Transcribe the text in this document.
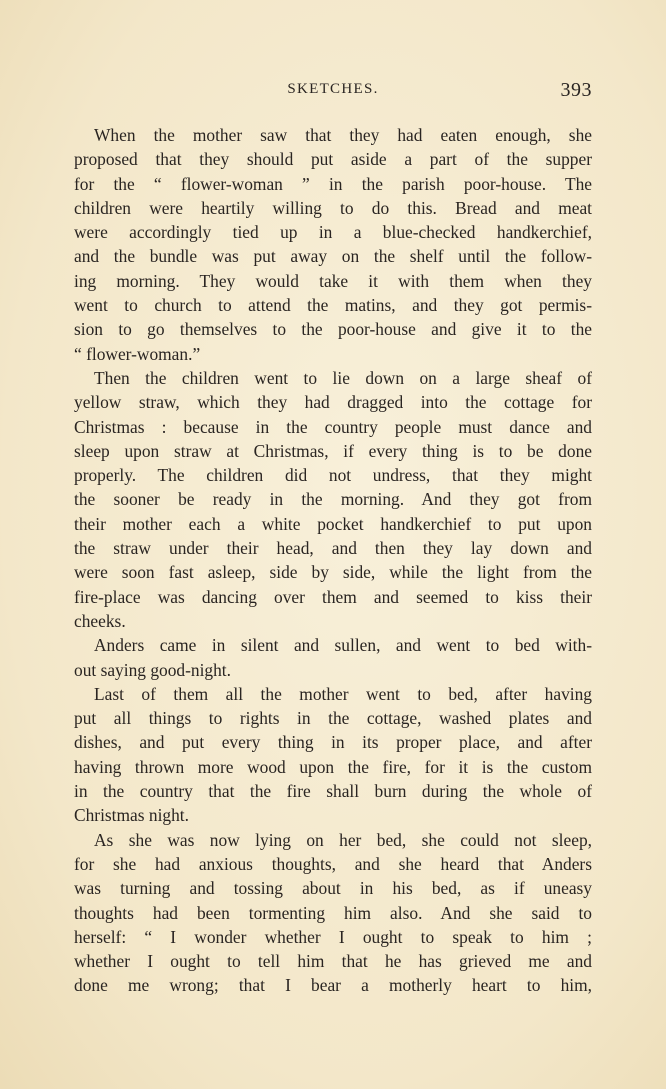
SKETCHES.	393
When the mother saw that they had eaten enough, she
proposed that they should put aside a part of the supper
for the “ flower-woman ” in the parish poor-house. The
children were heartily willing to do this. Bread and meat
were accordingly tied up in a blue-checked handkerchief,
and the bundle was put away on the shelf until the follow-
ing morning. They would take it with them when they
went to church to attend the matins, and they got permis-
sion to go themselves to the poor-house and give it to the
“ flower-woman.”
Then the children went to lie down on a large sheaf of
yellow straw, which they had dragged into the cottage for
Christmas : because in the country people must dance and
sleep upon straw at Christmas, if every thing is to be done
properly. The children did not undress, that they might
the sooner be ready in the morning. And they got from
their mother each a white pocket handkerchief to put upon
the straw under their head, and then they lay down and
were soon fast asleep, side by side, while the light from the
fire-place was dancing over them and seemed to kiss their
cheeks.
Anders came in silent and sullen, and went to bed with-
out saying good-night.
Last of them all the mother went to bed, after having
put all things to rights in the cottage, washed plates and
dishes, and put every thing in its proper place, and after
having thrown more wood upon the fire, for it is the custom
in the country that the fire shall burn during the whole of
Christmas night.
As she was now lying on her bed, she could not sleep,
for she had anxious thoughts, and she heard that Anders
was turning and tossing about in his bed, as if uneasy
thoughts had been tormenting him also. And she said to
herself: “ I wonder whether I ought to speak to him ;
whether I ought to tell him that he has grieved me and
done me wrong; that I bear a motherly heart to him,
